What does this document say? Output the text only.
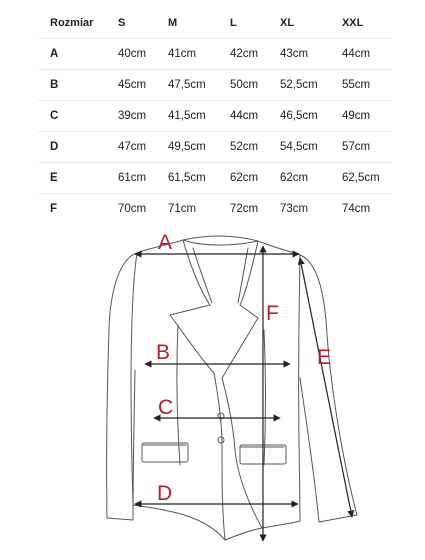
Rozmiar	S	M	L	XL	XXL
A	40cm	41cm	42cm	43cm	44cm
B	45cm	47,5cm	50cm	52,5cm	55cm
C	39cm	41,5cm	44cm	46,5cm	49cm
D	47cm	49,5cm	52cm	54,5cm	57cm
E	61cm	61,5cm	62cm	62cm	62,5cm
F	70cm	71cm	72cm	73cm	74cm
A
B
C
D
E
F
